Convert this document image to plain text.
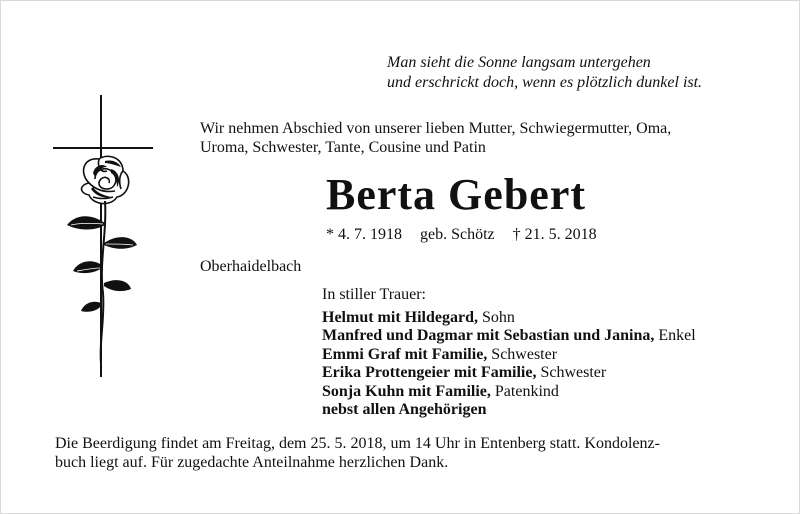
Man sieht die Sonne langsam untergehen
und erschrickt doch, wenn es plötzlich dunkel ist.
Wir nehmen Abschied von unserer lieben Mutter, Schwiegermutter, Oma,
Uroma, Schwester, Tante, Cousine und Patin
Berta Gebert
* 4. 7. 1918 geb. Schötz † 21. 5. 2018
Oberhaidelbach
In stiller Trauer:
Helmut mit Hildegard, Sohn
Manfred und Dagmar mit Sebastian und Janina, Enkel
Emmi Graf mit Familie, Schwester
Erika Prottengeier mit Familie, Schwester
Sonja Kuhn mit Familie, Patenkind
nebst allen Angehörigen
Die Beerdigung findet am Freitag, dem 25. 5. 2018, um 14 Uhr in Entenberg statt. Kondolenz-
buch liegt auf. Für zugedachte Anteilnahme herzlichen Dank.
